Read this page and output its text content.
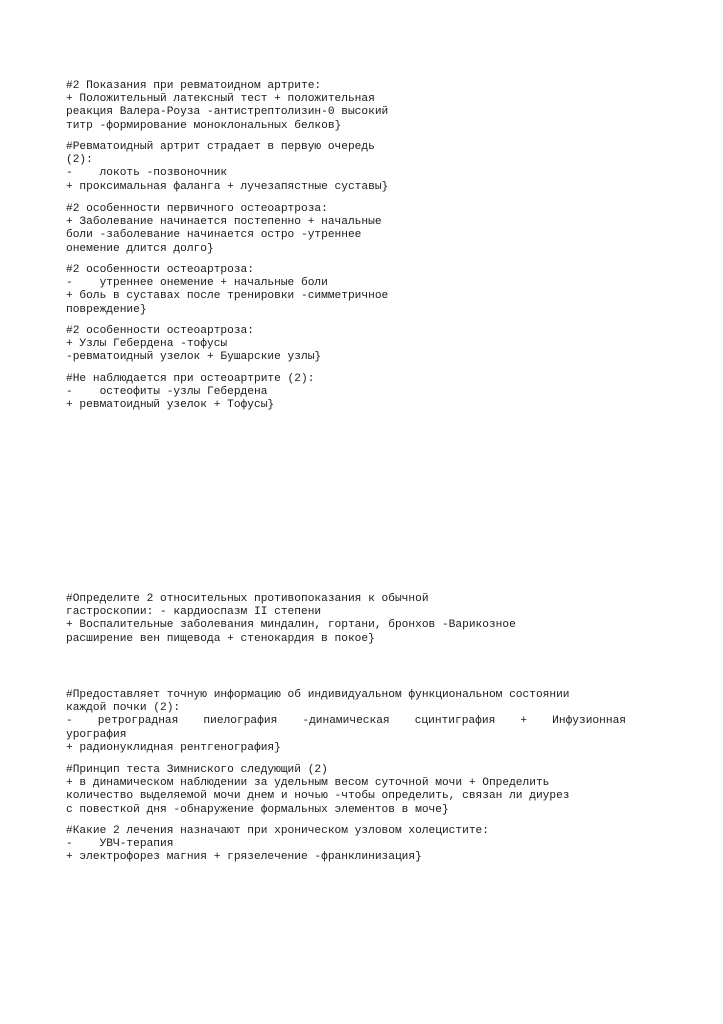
#2 Показания при ревматоидном артрите:
+ Положительный латексный тест + положительная
реакция Валера-Роуза -антистрептолизин-0 высокий
титр -формирование моноклональных белков}
#Ревматоидный артрит страдает в первую очередь
(2):
-    локоть -позвоночник
+ проксимальная фаланга + лучезапястные суставы}
#2 особенности первичного остеоартроза:
+ Заболевание начинается постепенно + начальные
боли -заболевание начинается остро -утреннее
онемение длится долго}
#2 особенности остеоартроза:
-    утреннее онемение + начальные боли
+ боль в суставах после тренировки -симметричное
повреждение}
#2 особенности остеоартроза:
+ Узлы Гебердена -тофусы
-ревматоидный узелок + Бушарские узлы}
#Не наблюдается при остеоартрите (2):
-    остеофиты -узлы Гебердена
+ ревматоидный узелок + Тофусы}
#Определите 2 относительных противопоказания к обычной
гастроскопии: - кардиоспазм II степени
+ Воспалительные заболевания миндалин, гортани, бронхов -Варикозное
расширение вен пищевода + стенокардия в покое}
#Предоставляет точную информацию об индивидуальном функциональном состоянии
каждой почки (2):
- ретроградная пиелография -динамическая сцинтиграфия + Инфузионная
урография
+ радионуклидная рентгенография}
#Принцип теста Зимниского следующий (2)
+ в динамическом наблюдении за удельным весом суточной мочи + Определить
количество выделяемой мочи днем и ночью -чтобы определить, связан ли диурез
с повесткой дня -обнаружение формальных элементов в моче}
#Какие 2 лечения назначают при хроническом узловом холецистите:
-    УВЧ-терапия
+ электрофорез магния + грязелечение -франклинизация}
